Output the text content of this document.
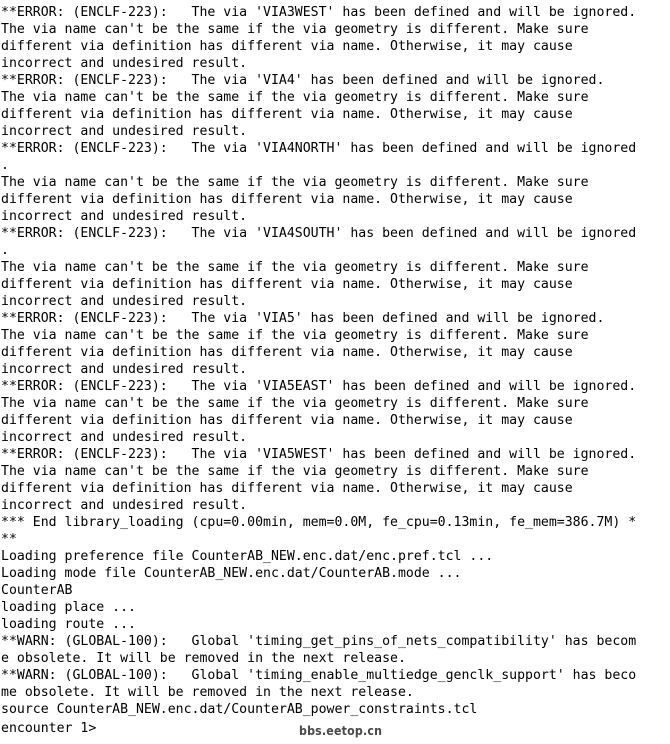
**ERROR: (ENCLF-223):   The via 'VIA3WEST' has been defined and will be ignored.
The via name can't be the same if the via geometry is different. Make sure
different via definition has different via name. Otherwise, it may cause
incorrect and undesired result.
**ERROR: (ENCLF-223):   The via 'VIA4' has been defined and will be ignored.
The via name can't be the same if the via geometry is different. Make sure
different via definition has different via name. Otherwise, it may cause
incorrect and undesired result.
**ERROR: (ENCLF-223):   The via 'VIA4NORTH' has been defined and will be ignored
.
The via name can't be the same if the via geometry is different. Make sure
different via definition has different via name. Otherwise, it may cause
incorrect and undesired result.
**ERROR: (ENCLF-223):   The via 'VIA4SOUTH' has been defined and will be ignored
.
The via name can't be the same if the via geometry is different. Make sure
different via definition has different via name. Otherwise, it may cause
incorrect and undesired result.
**ERROR: (ENCLF-223):   The via 'VIA5' has been defined and will be ignored.
The via name can't be the same if the via geometry is different. Make sure
different via definition has different via name. Otherwise, it may cause
incorrect and undesired result.
**ERROR: (ENCLF-223):   The via 'VIA5EAST' has been defined and will be ignored.
The via name can't be the same if the via geometry is different. Make sure
different via definition has different via name. Otherwise, it may cause
incorrect and undesired result.
**ERROR: (ENCLF-223):   The via 'VIA5WEST' has been defined and will be ignored.
The via name can't be the same if the via geometry is different. Make sure
different via definition has different via name. Otherwise, it may cause
incorrect and undesired result.
*** End library_loading (cpu=0.00min, mem=0.0M, fe_cpu=0.13min, fe_mem=386.7M) *
**
Loading preference file CounterAB_NEW.enc.dat/enc.pref.tcl ...
Loading mode file CounterAB_NEW.enc.dat/CounterAB.mode ...
CounterAB
loading place ...
loading route ...
**WARN: (GLOBAL-100):   Global 'timing_get_pins_of_nets_compatibility' has becom
e obsolete. It will be removed in the next release.
**WARN: (GLOBAL-100):   Global 'timing_enable_multiedge_genclk_support' has beco
me obsolete. It will be removed in the next release.
source CounterAB_NEW.enc.dat/CounterAB_power_constraints.tcl
encounter 1>	bbs.eetop.cn
